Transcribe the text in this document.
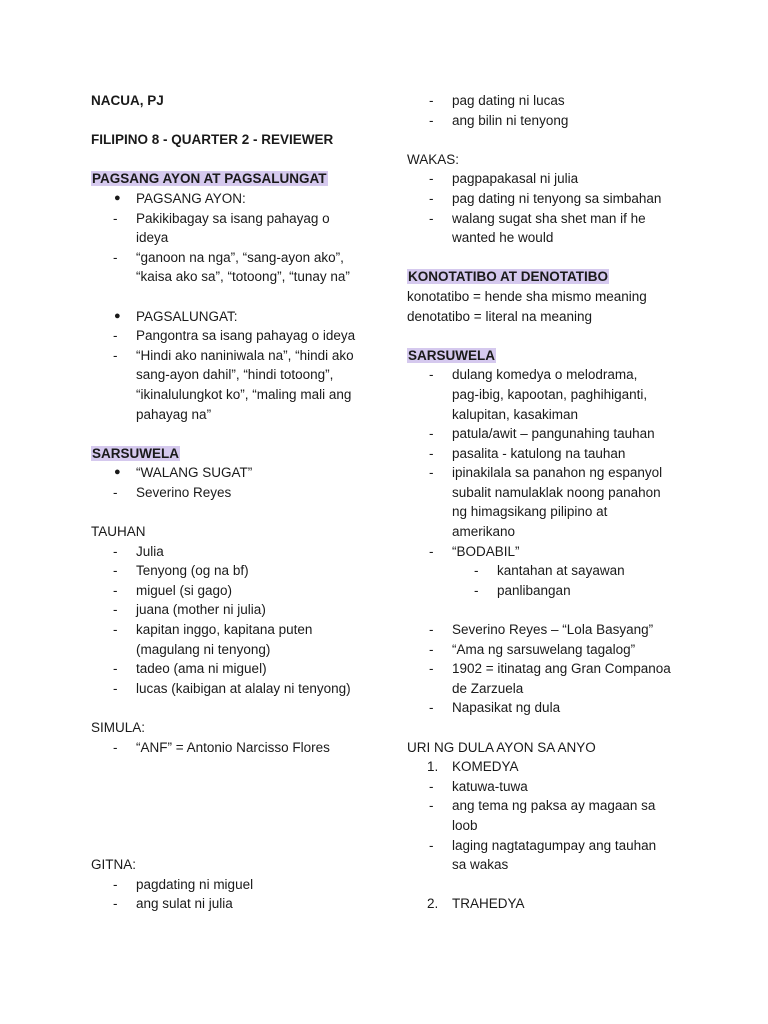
NACUA, PJ
FILIPINO 8 - QUARTER 2 - REVIEWER
PAGSANG AYON AT PAGSALUNGAT
● PAGSANG AYON:
- Pakikibagay sa isang pahayag o
ideya
- “ganoon na nga”, “sang-ayon ako”,
“kaisa ako sa”, “totoong”, “tunay na”
● PAGSALUNGAT:
- Pangontra sa isang pahayag o ideya
- “Hindi ako naniniwala na”, “hindi ako
sang-ayon dahil”, “hindi totoong”,
“ikinalulungkot ko”, “maling mali ang
pahayag na”
SARSUWELA
● “WALANG SUGAT”
- Severino Reyes
TAUHAN
- Julia
- Tenyong (og na bf)
- miguel (si gago)
- juana (mother ni julia)
- kapitan inggo, kapitana puten
(magulang ni tenyong)
- tadeo (ama ni miguel)
- lucas (kaibigan at alalay ni tenyong)
SIMULA:
- “ANF” = Antonio Narcisso Flores
GITNA:
- pagdating ni miguel
- ang sulat ni julia
- pag dating ni lucas
- ang bilin ni tenyong
WAKAS:
- pagpapakasal ni julia
- pag dating ni tenyong sa simbahan
- walang sugat sha shet man if he
wanted he would
KONOTATIBO AT DENOTATIBO
konotatibo = hende sha mismo meaning
denotatibo = literal na meaning
SARSUWELA
- dulang komedya o melodrama,
pag-ibig, kapootan, paghihiganti,
kalupitan, kasakiman
- patula/awit – pangunahing tauhan
- pasalita - katulong na tauhan
- ipinakilala sa panahon ng espanyol
subalit namulaklak noong panahon
ng himagsikang pilipino at
amerikano
- “BODABIL”
- kantahan at sayawan
- panlibangan
- Severino Reyes – “Lola Basyang”
- “Ama ng sarsuwelang tagalog”
- 1902 = itinatag ang Gran Companoa
de Zarzuela
- Napasikat ng dula
URI NG DULA AYON SA ANYO
1. KOMEDYA
- katuwa-tuwa
- ang tema ng paksa ay magaan sa
loob
- laging nagtatagumpay ang tauhan
sa wakas
2. TRAHEDYA
